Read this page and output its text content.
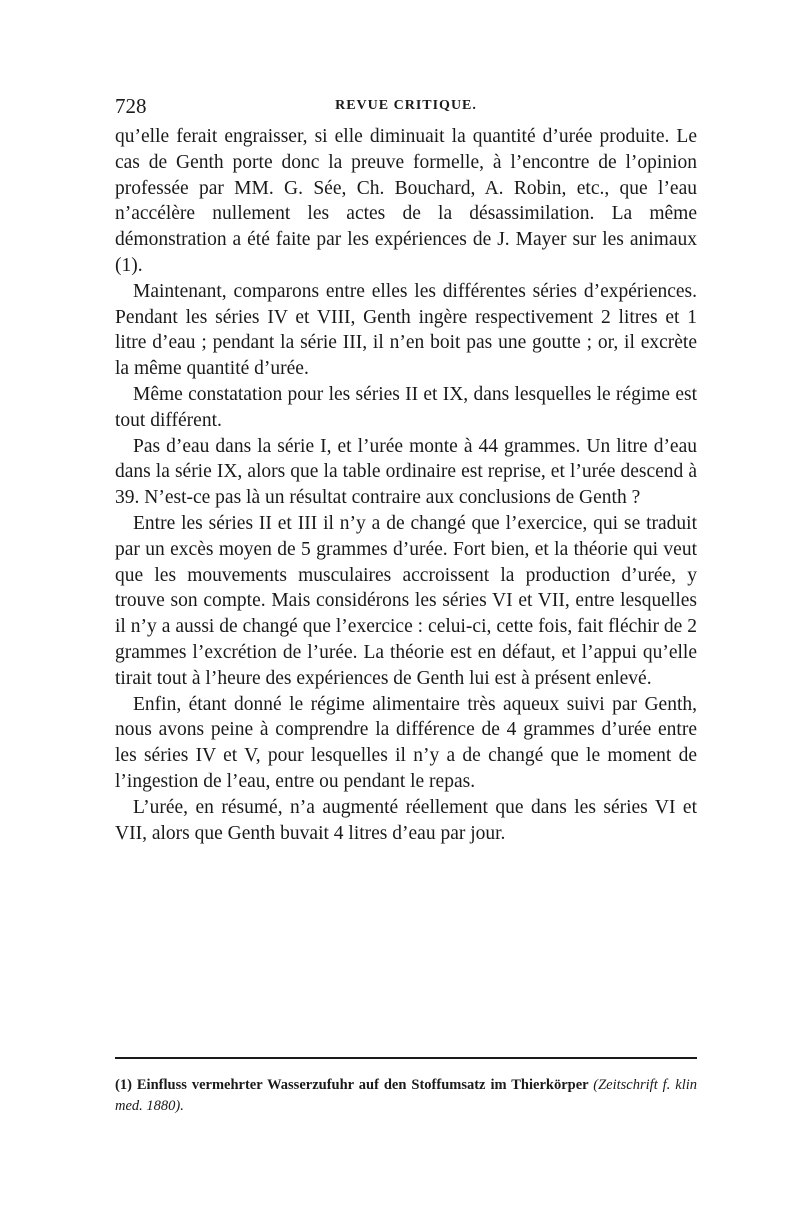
728	REVUE CRITIQUE.

qu’elle ferait engraisser, si elle diminuait la quantité d’urée produite. Le cas de Genth porte donc la preuve formelle, à l’encontre de l’opinion professée par MM. G. Sée, Ch. Bouchard, A. Robin, etc., que l’eau n’accélère nullement les actes de la désassimilation. La même démonstration a été faite par les expériences de J. Mayer sur les animaux (1).

Maintenant, comparons entre elles les différentes séries d’expériences. Pendant les séries IV et VIII, Genth ingère respectivement 2 litres et 1 litre d’eau ; pendant la série III, il n’en boit pas une goutte ; or, il excrète la même quantité d’urée.

Même constatation pour les séries II et IX, dans lesquelles le régime est tout différent.

Pas d’eau dans la série I, et l’urée monte à 44 grammes. Un litre d’eau dans la série IX, alors que la table ordinaire est reprise, et l’urée descend à 39. N’est-ce pas là un résultat contraire aux conclusions de Genth ?

Entre les séries II et III il n’y a de changé que l’exercice, qui se traduit par un excès moyen de 5 grammes d’urée. Fort bien, et la théorie qui veut que les mouvements musculaires accroissent la production d’urée, y trouve son compte. Mais considérons les séries VI et VII, entre lesquelles il n’y a aussi de changé que l’exercice : celui-ci, cette fois, fait fléchir de 2 grammes l’excrétion de l’urée. La théorie est en défaut, et l’appui qu’elle tirait tout à l’heure des expériences de Genth lui est à présent enlevé.

Enfin, étant donné le régime alimentaire très aqueux suivi par Genth, nous avons peine à comprendre la différence de 4 grammes d’urée entre les séries IV et V, pour lesquelles il n’y a de changé que le moment de l’ingestion de l’eau, entre ou pendant le repas.

L’urée, en résumé, n’a augmenté réellement que dans les séries VI et VII, alors que Genth buvait 4 litres d’eau par jour.

(1) Einfluss vermehrter Wasserzufuhr auf den Stoffumsatz im Thierkörper (Zeitschrift f. klin med. 1880).
